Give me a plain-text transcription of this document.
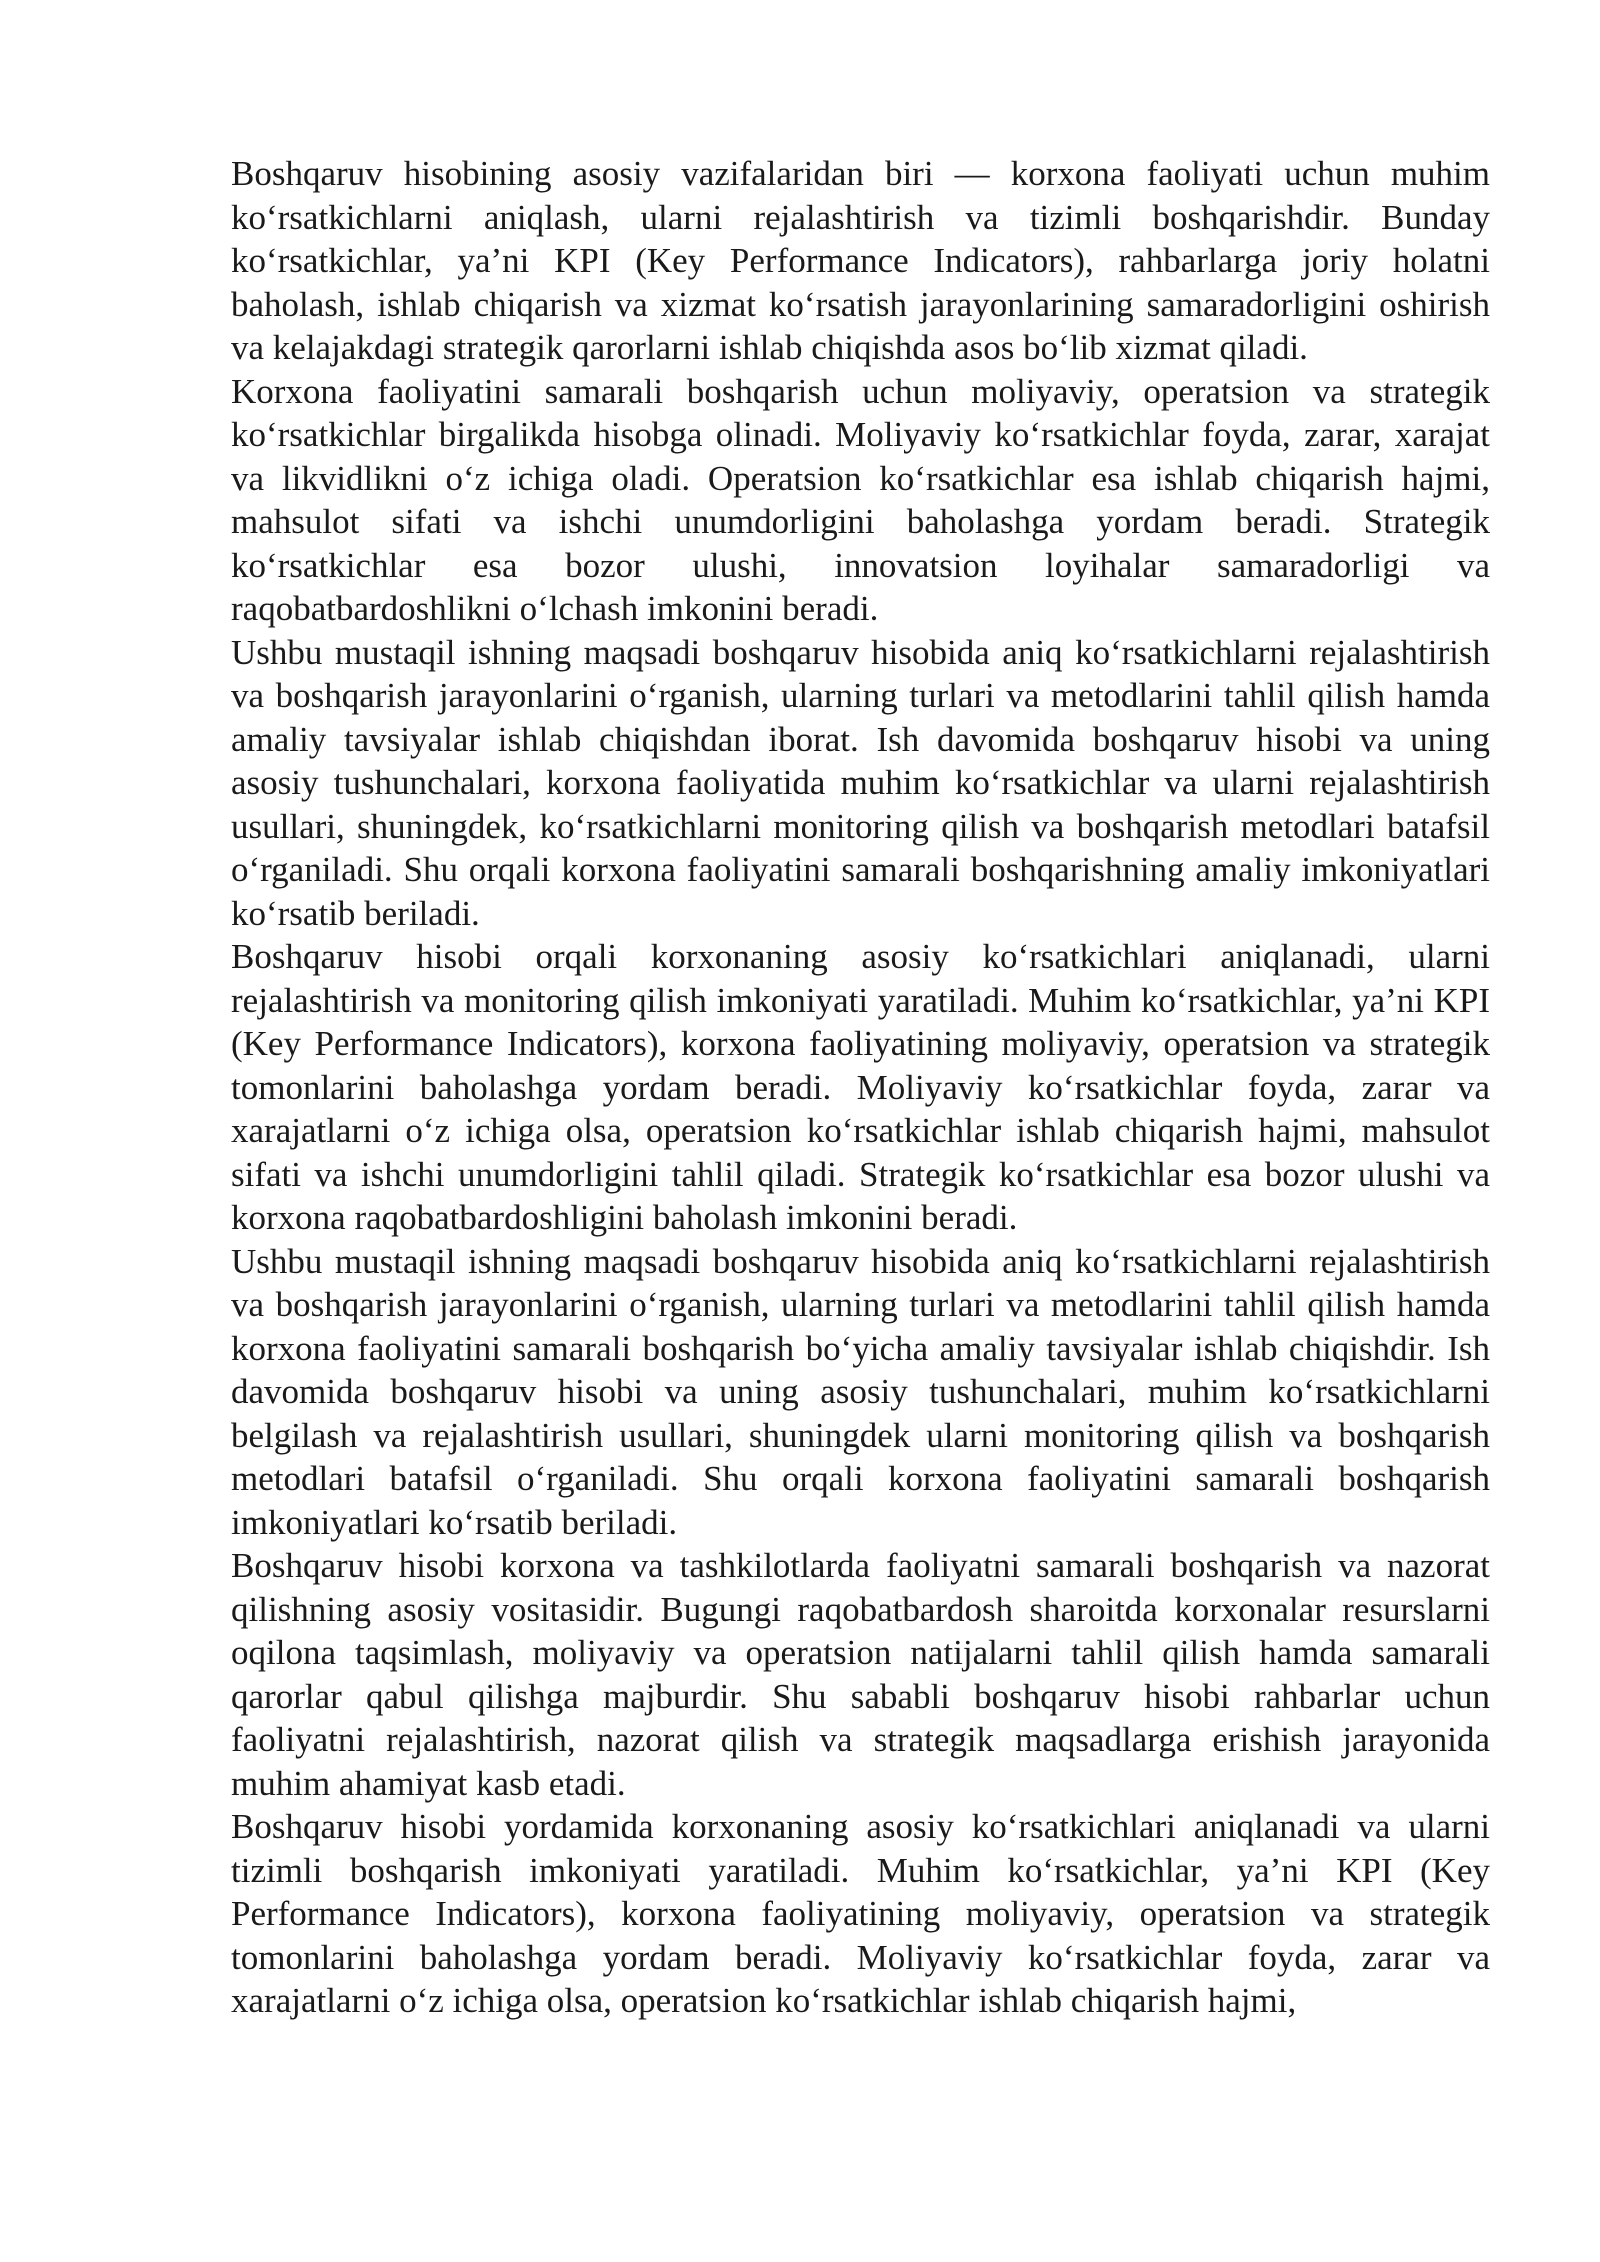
Boshqaruv hisobining asosiy vazifalaridan biri — korxona faoliyati uchun muhim ko‘rsatkichlarni aniqlash, ularni rejalashtirish va tizimli boshqarishdir. Bunday ko‘rsatkichlar, ya’ni KPI (Key Performance Indicators), rahbarlarga joriy holatni baholash, ishlab chiqarish va xizmat ko‘rsatish jarayonlarining samaradorligini oshirish va kelajakdagi strategik qarorlarni ishlab chiqishda asos bo‘lib xizmat qiladi.

Korxona faoliyatini samarali boshqarish uchun moliyaviy, operatsion va strategik ko‘rsatkichlar birgalikda hisobga olinadi. Moliyaviy ko‘rsatkichlar foyda, zarar, xarajat va likvidlikni o‘z ichiga oladi. Operatsion ko‘rsatkichlar esa ishlab chiqarish hajmi, mahsulot sifati va ishchi unumdorligini baholashga yordam beradi. Strategik ko‘rsatkichlar esa bozor ulushi, innovatsion loyihalar samaradorligi va raqobatbardoshlikni o‘lchash imkonini beradi.

Ushbu mustaqil ishning maqsadi boshqaruv hisobida aniq ko‘rsatkichlarni rejalashtirish va boshqarish jarayonlarini o‘rganish, ularning turlari va metodlarini tahlil qilish hamda amaliy tavsiyalar ishlab chiqishdan iborat. Ish davomida boshqaruv hisobi va uning asosiy tushunchalari, korxona faoliyatida muhim ko‘rsatkichlar va ularni rejalashtirish usullari, shuningdek, ko‘rsatkichlarni monitoring qilish va boshqarish metodlari batafsil o‘rganiladi. Shu orqali korxona faoliyatini samarali boshqarishning amaliy imkoniyatlari ko‘rsatib beriladi.

Boshqaruv hisobi orqali korxonaning asosiy ko‘rsatkichlari aniqlanadi, ularni rejalashtirish va monitoring qilish imkoniyati yaratiladi. Muhim ko‘rsatkichlar, ya’ni KPI (Key Performance Indicators), korxona faoliyatining moliyaviy, operatsion va strategik tomonlarini baholashga yordam beradi. Moliyaviy ko‘rsatkichlar foyda, zarar va xarajatlarni o‘z ichiga olsa, operatsion ko‘rsatkichlar ishlab chiqarish hajmi, mahsulot sifati va ishchi unumdorligini tahlil qiladi. Strategik ko‘rsatkichlar esa bozor ulushi va korxona raqobatbardoshligini baholash imkonini beradi.

Ushbu mustaqil ishning maqsadi boshqaruv hisobida aniq ko‘rsatkichlarni rejalashtirish va boshqarish jarayonlarini o‘rganish, ularning turlari va metodlarini tahlil qilish hamda korxona faoliyatini samarali boshqarish bo‘yicha amaliy tavsiyalar ishlab chiqishdir. Ish davomida boshqaruv hisobi va uning asosiy tushunchalari, muhim ko‘rsatkichlarni belgilash va rejalashtirish usullari, shuningdek ularni monitoring qilish va boshqarish metodlari batafsil o‘rganiladi. Shu orqali korxona faoliyatini samarali boshqarish imkoniyatlari ko‘rsatib beriladi.

Boshqaruv hisobi korxona va tashkilotlarda faoliyatni samarali boshqarish va nazorat qilishning asosiy vositasidir. Bugungi raqobatbardosh sharoitda korxonalar resurslarni oqilona taqsimlash, moliyaviy va operatsion natijalarni tahlil qilish hamda samarali qarorlar qabul qilishga majburdir. Shu sababli boshqaruv hisobi rahbarlar uchun faoliyatni rejalashtirish, nazorat qilish va strategik maqsadlarga erishish jarayonida muhim ahamiyat kasb etadi.

Boshqaruv hisobi yordamida korxonaning asosiy ko‘rsatkichlari aniqlanadi va ularni tizimli boshqarish imkoniyati yaratiladi. Muhim ko‘rsatkichlar, ya’ni KPI (Key Performance Indicators), korxona faoliyatining moliyaviy, operatsion va strategik tomonlarini baholashga yordam beradi. Moliyaviy ko‘rsatkichlar foyda, zarar va xarajatlarni o‘z ichiga olsa, operatsion ko‘rsatkichlar ishlab chiqarish hajmi,
